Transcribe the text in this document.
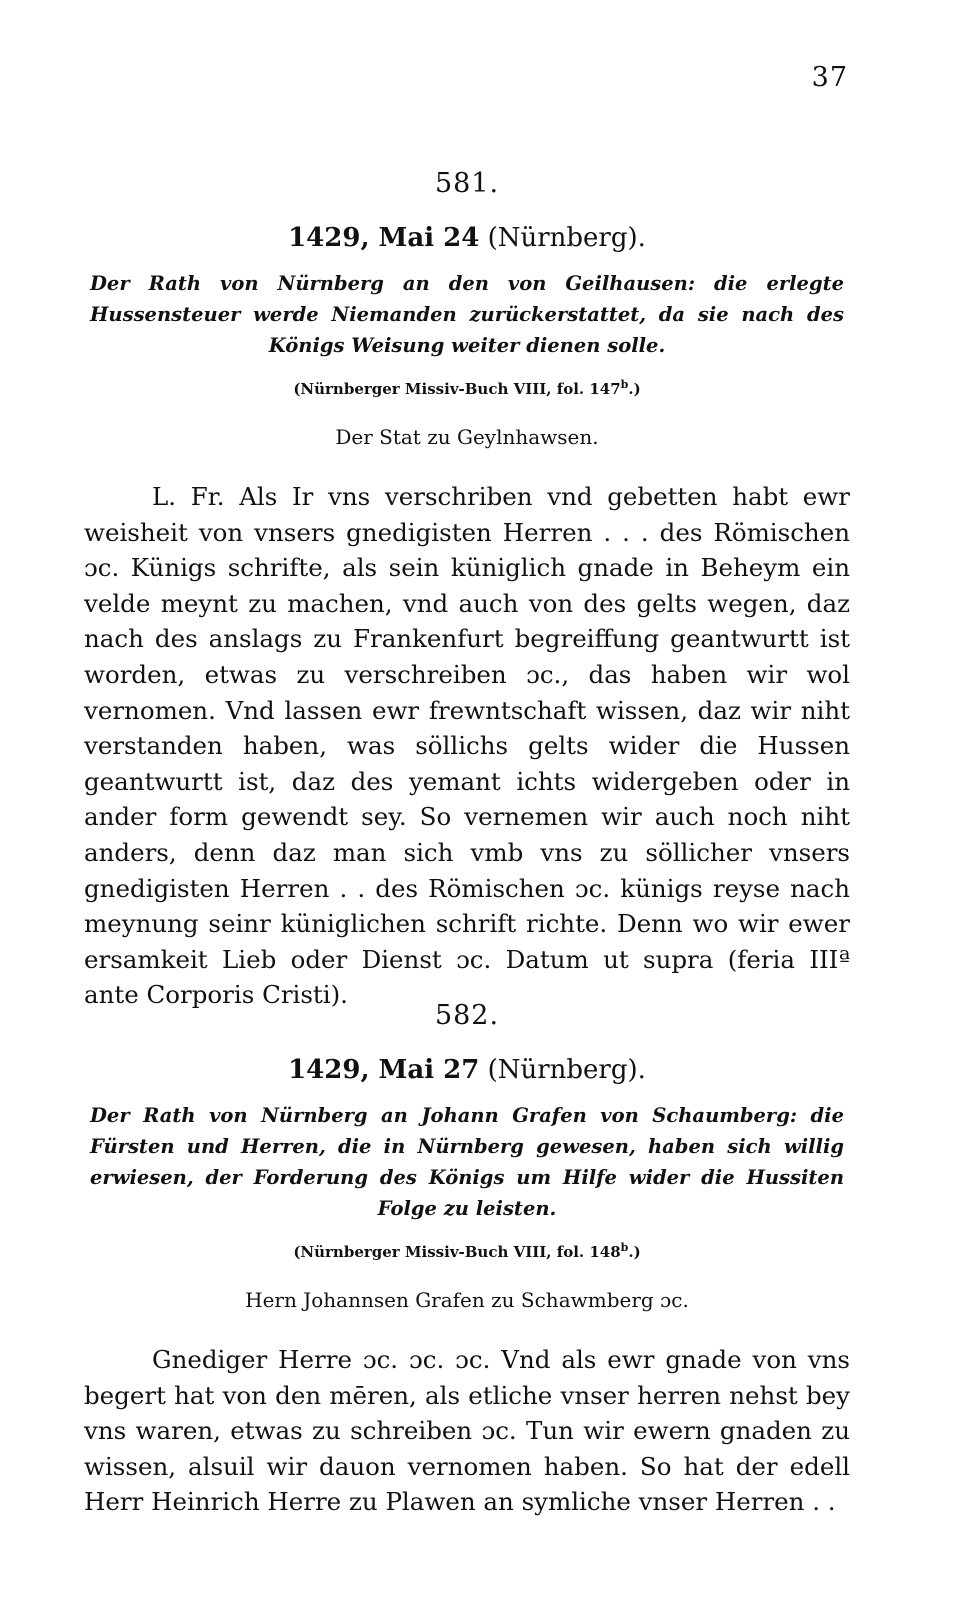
37
581.
1429, Mai 24 (Nürnberg).
Der Rath von Nürnberg an den von Geilhausen: die erlegte Hussensteuer werde Niemanden zurückerstattet, da sie nach des Königs Weisung weiter dienen solle.
(Nürnberger Missiv-Buch VIII, fol. 147$^b$.)
Der Stat zu Geylnhawsen.

L. Fr. Als Ir vns verschriben vnd gebetten habt ewr weisheit von vnsers gnedigisten Herren . . . des Römischen ɔc. Künigs schrifte, als sein küniglich gnade in Beheym ein velde meynt zu machen, vnd auch von des gelts wegen, daz nach des anslags zu Frankenfurt begreiffung geantwurtt ist worden, etwas zu verschreiben ɔc., das haben wir wol vernomen. Vnd lassen ewr frewntschaft wissen, daz wir niht verstanden haben, was söllichs gelts wider die Hussen geantwurtt ist, daz des yemant ichts widergeben oder in ander form gewendt sey. So vernemen wir auch noch niht anders, denn daz man sich vmb vns zu söllicher vnsers gnedigisten Herren . . des Römischen ɔc. künigs reyse nach meynung seinr küniglichen schrift richte. Denn wo wir ewer ersamkeit Lieb oder Dienst ɔc. Datum ut supra (feria IIIª ante Corporis Cristi).

582.
1429, Mai 27 (Nürnberg).
Der Rath von Nürnberg an Johann Grafen von Schaumberg: die Fürsten und Herren, die in Nürnberg gewesen, haben sich willig erwiesen, der Forderung des Königs um Hilfe wider die Hussiten Folge zu leisten.
(Nürnberger Missiv-Buch VIII, fol. 148$^b$.)
Hern Johannsen Grafen zu Schawmberg ɔc.

Gnediger Herre ɔc. ɔc. ɔc. Vnd als ewr gnade von vns begert hat von den mēren, als etliche vnser herren nehst bey vns waren, etwas zu schreiben ɔc. Tun wir ewern gnaden zu wissen, alsuil wir dauon vernomen haben. So hat der edell Herr Heinrich Herre zu Plawen an symliche vnser Herren . .
